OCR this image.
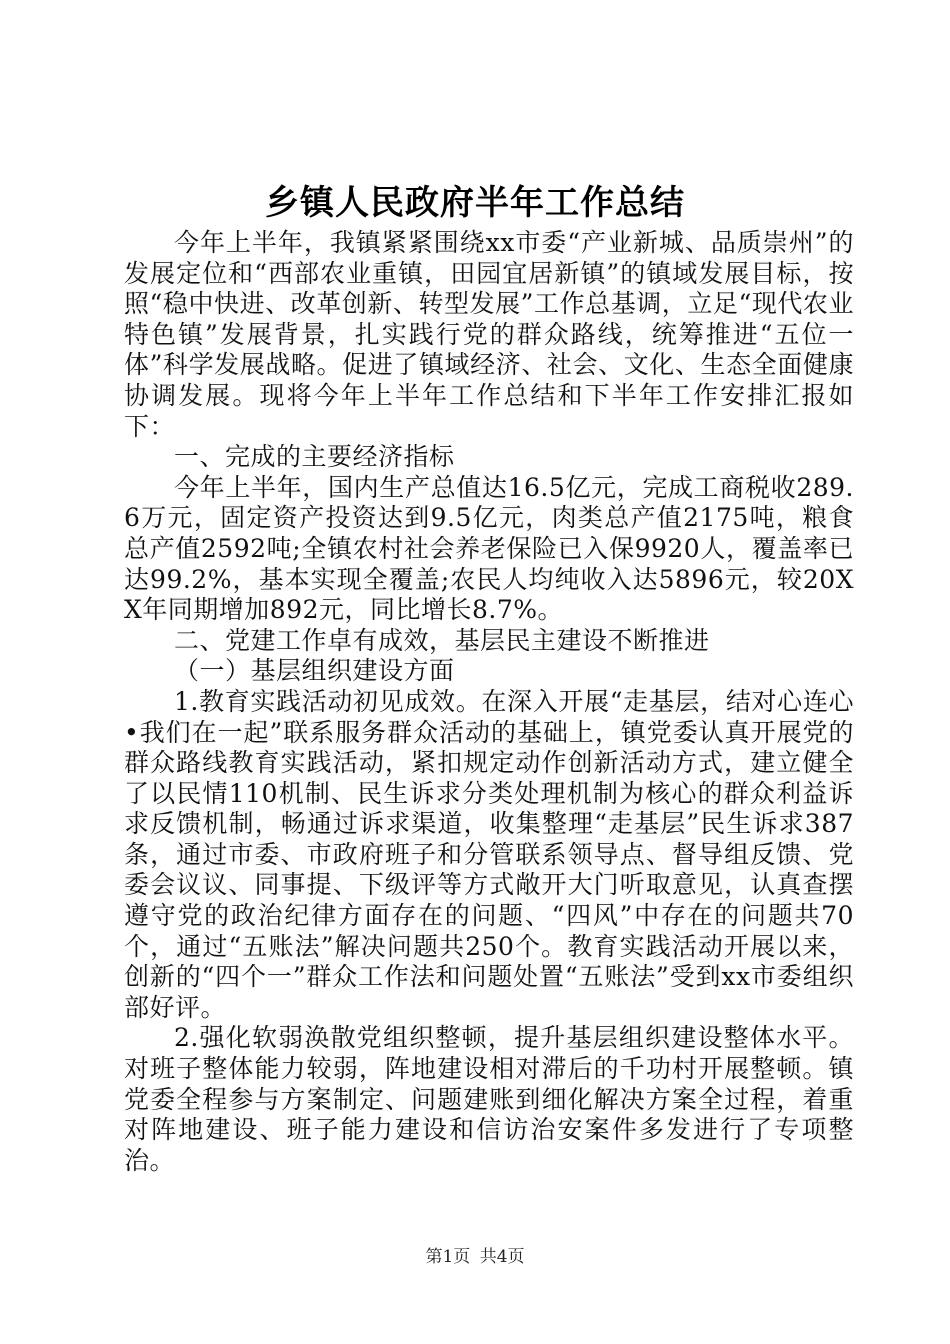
乡镇人民政府半年工作总结

今年上半年，我镇紧紧围绕xx市委“产业新城、品质崇州”的发展定位和“西部农业重镇，田园宜居新镇”的镇域发展目标，按照“稳中快进、改革创新、转型发展”工作总基调，立足“现代农业特色镇”发展背景，扎实践行党的群众路线，统筹推进“五位一体”科学发展战略。促进了镇域经济、社会、文化、生态全面健康协调发展。现将今年上半年工作总结和下半年工作安排汇报如下：

一、完成的主要经济指标

今年上半年，国内生产总值达16.5亿元，完成工商税收289.6万元，固定资产投资达到9.5亿元，肉类总产值2175吨，粮食总产值2592吨;全镇农村社会养老保险已入保9920人，覆盖率已达99.2%，基本实现全覆盖;农民人均纯收入达5896元，较20XX年同期增加892元，同比增长8.7%。

二、党建工作卓有成效，基层民主建设不断推进

（一）基层组织建设方面

1.教育实践活动初见成效。在深入开展“走基层，结对心连心•我们在一起”联系服务群众活动的基础上，镇党委认真开展党的群众路线教育实践活动，紧扣规定动作创新活动方式，建立健全了以民情110机制、民生诉求分类处理机制为核心的群众利益诉求反馈机制，畅通过诉求渠道，收集整理“走基层”民生诉求387条，通过市委、市政府班子和分管联系领导点、督导组反馈、党委会议议、同事提、下级评等方式敞开大门听取意见，认真查摆遵守党的政治纪律方面存在的问题、“四风”中存在的问题共70个，通过“五账法”解决问题共250个。教育实践活动开展以来，创新的“四个一”群众工作法和问题处置“五账法”受到xx市委组织部好评。

2.强化软弱涣散党组织整顿，提升基层组织建设整体水平。对班子整体能力较弱，阵地建设相对滞后的千功村开展整顿。镇党委全程参与方案制定、问题建账到细化解决方案全过程，着重对阵地建设、班子能力建设和信访治安案件多发进行了专项整治。

第1页 共4页
